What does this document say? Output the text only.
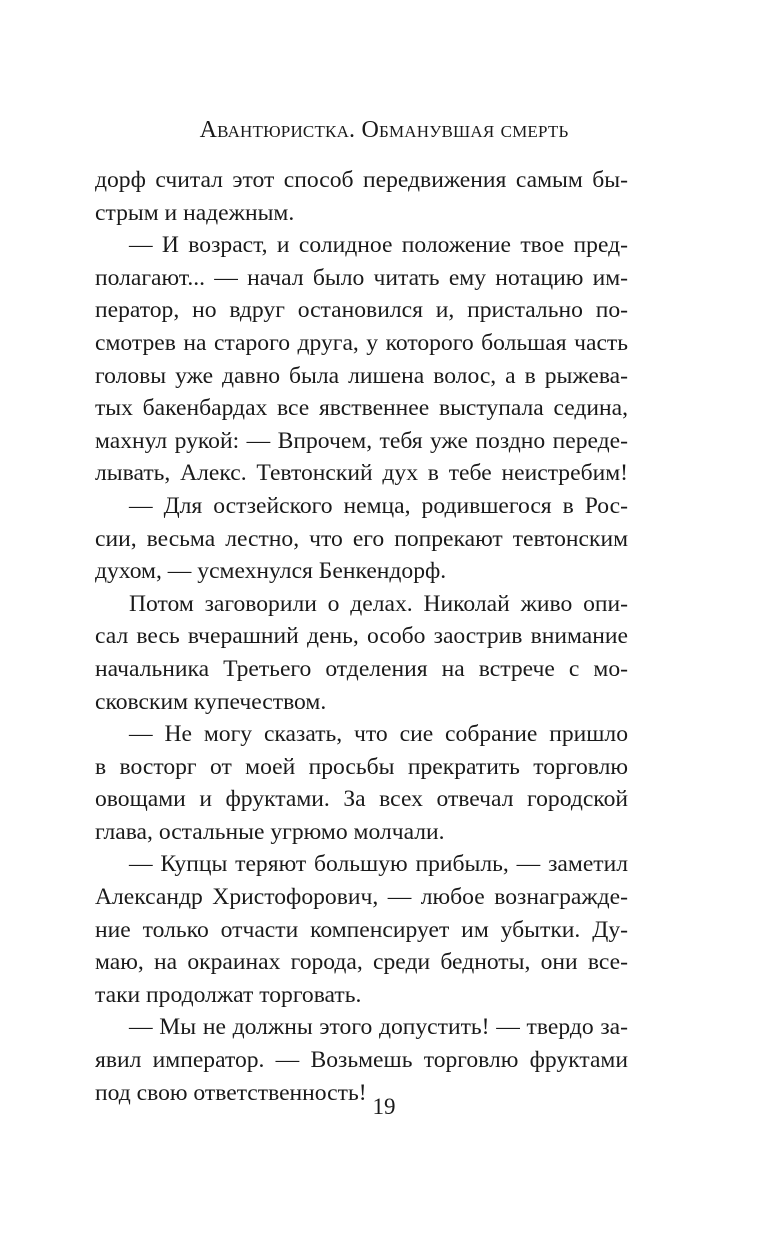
Авантюристка. Обманувшая смерть
дорф считал этот способ передвижения самым бы-
стрым и надежным.
— И возраст, и солидное положение твое пред-
полагают... — начал было читать ему нотацию им-
ператор, но вдруг остановился и, пристально по-
смотрев на старого друга, у которого большая часть
головы уже давно была лишена волос, а в рыжева-
тых бакенбардах все явственнее выступала седина,
махнул рукой: — Впрочем, тебя уже поздно переде-
лывать, Алекс. Тевтонский дух в тебе неистребим!
— Для остзейского немца, родившегося в Рос-
сии, весьма лестно, что его попрекают тевтонским
духом, — усмехнулся Бенкендорф.
Потом заговорили о делах. Николай живо опи-
сал весь вчерашний день, особо заострив внимание
начальника Третьего отделения на встрече с мо-
сковским купечеством.
— Не могу сказать, что сие собрание пришло
в восторг от моей просьбы прекратить торговлю
овощами и фруктами. За всех отвечал городской
глава, остальные угрюмо молчали.
— Купцы теряют большую прибыль, — заметил
Александр Христофорович, — любое вознагражде-
ние только отчасти компенсирует им убытки. Ду-
маю, на окраинах города, среди бедноты, они все-
таки продолжат торговать.
— Мы не должны этого допустить! — твердо за-
явил император. — Возьмешь торговлю фруктами
под свою ответственность!
19
